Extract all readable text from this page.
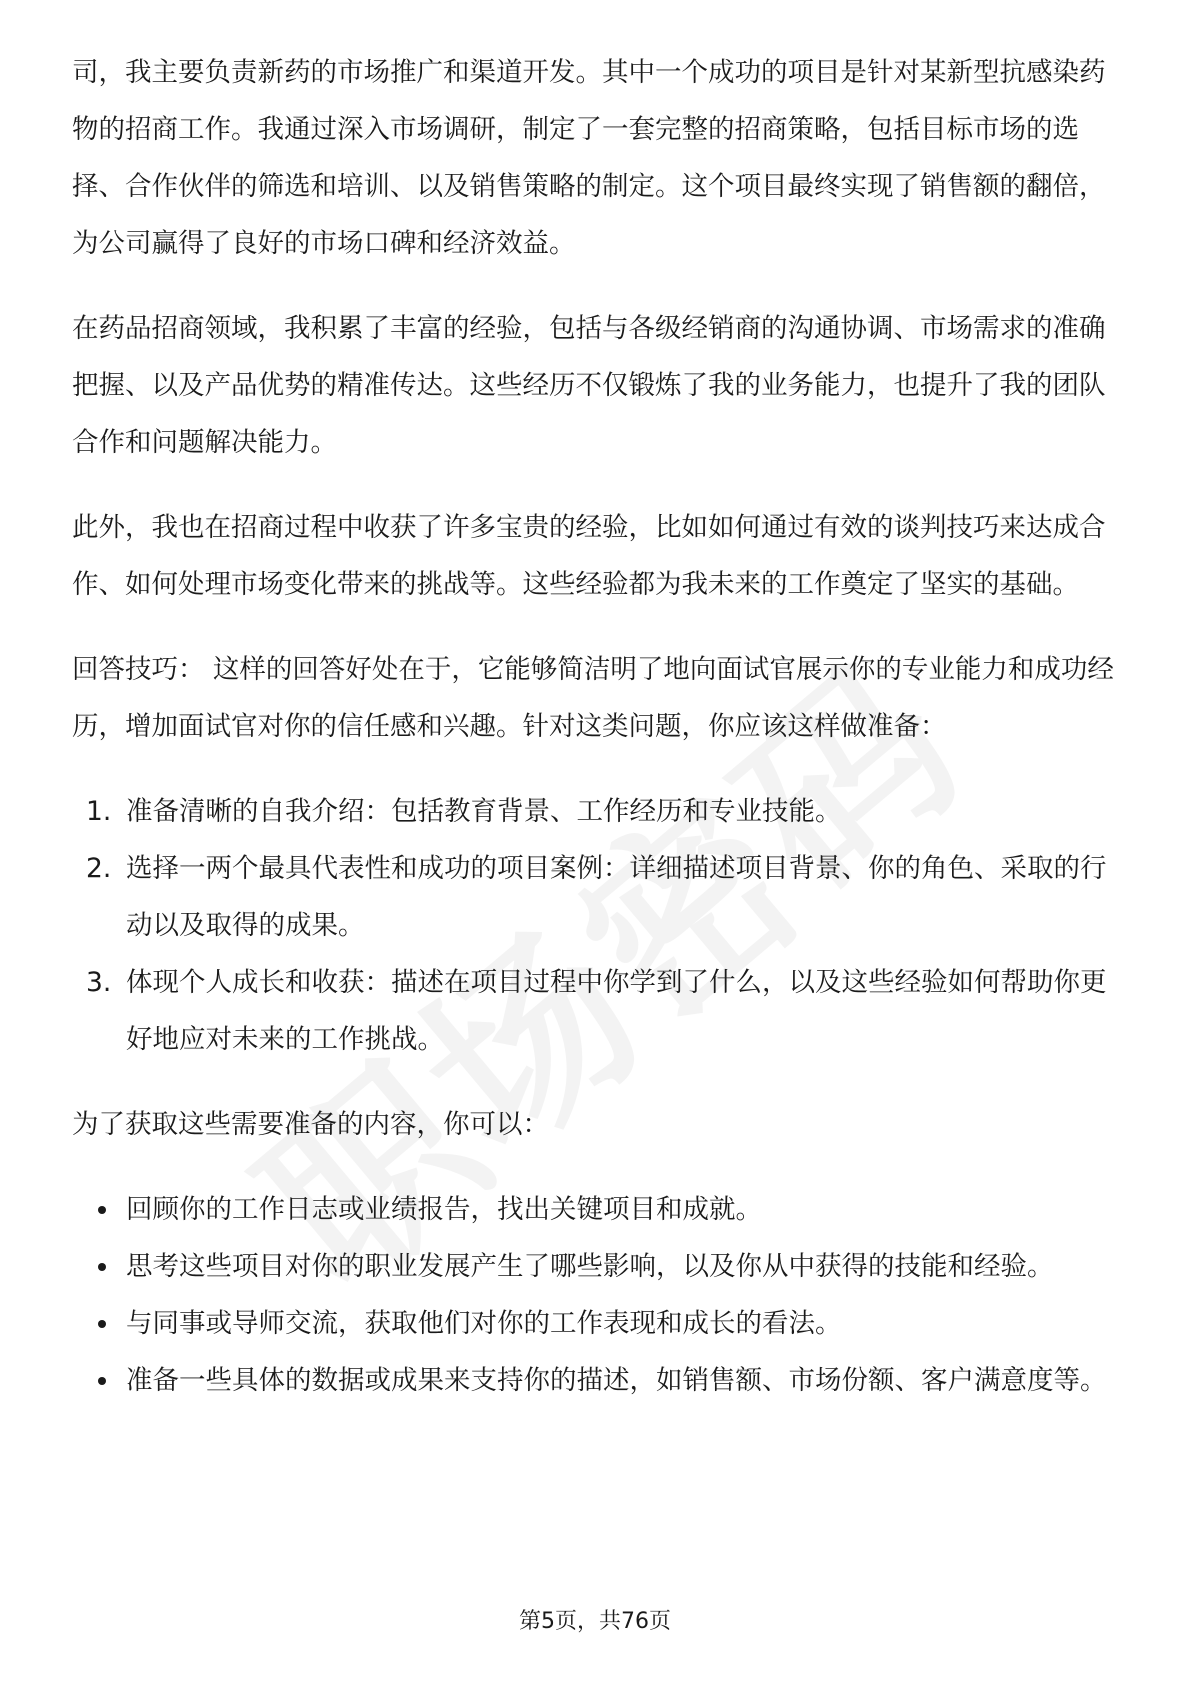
司，我主要负责新药的市场推广和渠道开发。其中一个成功的项目是针对某新型抗感染药物的招商工作。我通过深入市场调研，制定了一套完整的招商策略，包括目标市场的选择、合作伙伴的筛选和培训、以及销售策略的制定。这个项目最终实现了销售额的翻倍，为公司赢得了良好的市场口碑和经济效益。

在药品招商领域，我积累了丰富的经验，包括与各级经销商的沟通协调、市场需求的准确把握、以及产品优势的精准传达。这些经历不仅锻炼了我的业务能力，也提升了我的团队合作和问题解决能力。

此外，我也在招商过程中收获了许多宝贵的经验，比如如何通过有效的谈判技巧来达成合作、如何处理市场变化带来的挑战等。这些经验都为我未来的工作奠定了坚实的基础。

回答技巧： 这样的回答好处在于，它能够简洁明了地向面试官展示你的专业能力和成功经历，增加面试官对你的信任感和兴趣。针对这类问题，你应该这样做准备：

1. 准备清晰的自我介绍：包括教育背景、工作经历和专业技能。
2. 选择一两个最具代表性和成功的项目案例：详细描述项目背景、你的角色、采取的行动以及取得的成果。
3. 体现个人成长和收获：描述在项目过程中你学到了什么，以及这些经验如何帮助你更好地应对未来的工作挑战。

为了获取这些需要准备的内容，你可以：

回顾你的工作日志或业绩报告，找出关键项目和成就。
思考这些项目对你的职业发展产生了哪些影响，以及你从中获得的技能和经验。
与同事或导师交流，获取他们对你的工作表现和成长的看法。
准备一些具体的数据或成果来支持你的描述，如销售额、市场份额、客户满意度等。
第5页，共76页
